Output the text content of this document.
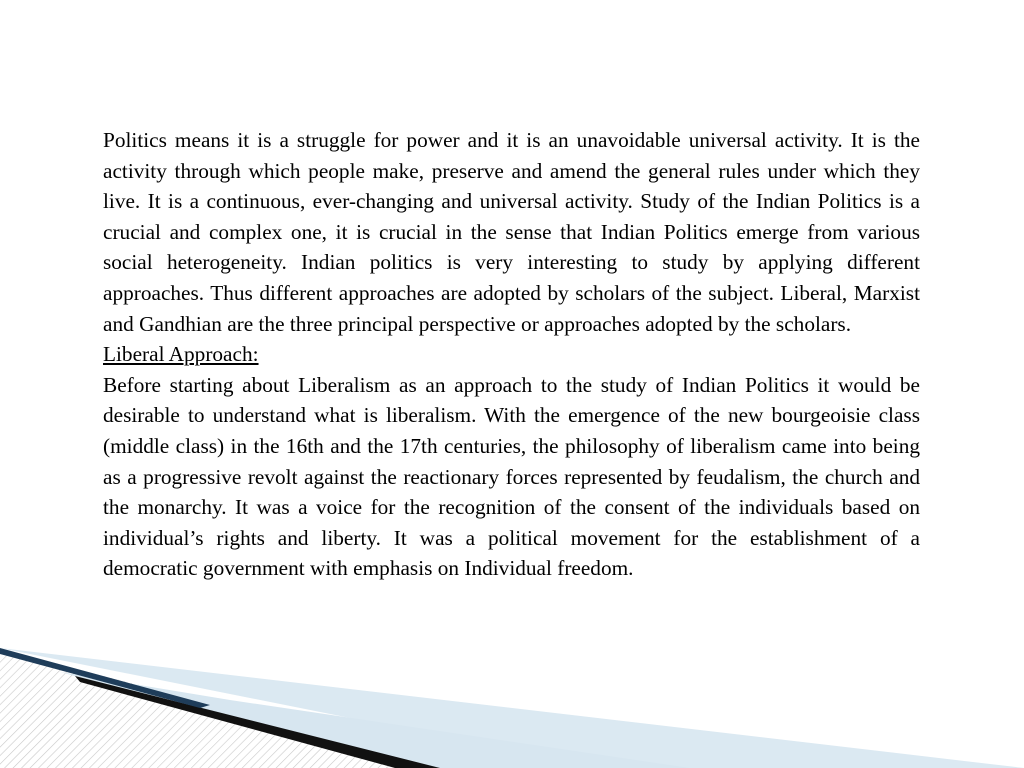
Politics means it is a struggle for power and it is an unavoidable universal activity. It is the activity through which people make, preserve and amend the general rules under which they live. It is a continuous, ever-changing and universal activity. Study of the Indian Politics is a crucial and complex one, it is crucial in the sense that Indian Politics emerge from various social heterogeneity. Indian politics is very interesting to study by applying different approaches. Thus different approaches are adopted by scholars of the subject. Liberal, Marxist and Gandhian are the three principal perspective or approaches adopted by the scholars.

Liberal Approach:

Before starting about Liberalism as an approach to the study of Indian Politics it would be desirable to understand what is liberalism. With the emergence of the new bourgeoisie class (middle class) in the 16th and the 17th centuries, the philosophy of liberalism came into being as a progressive revolt against the reactionary forces represented by feudalism, the church and the monarchy. It was a voice for the recognition of the consent of the individuals based on individual’s rights and liberty. It was a political movement for the establishment of a democratic government with emphasis on Individual freedom.
